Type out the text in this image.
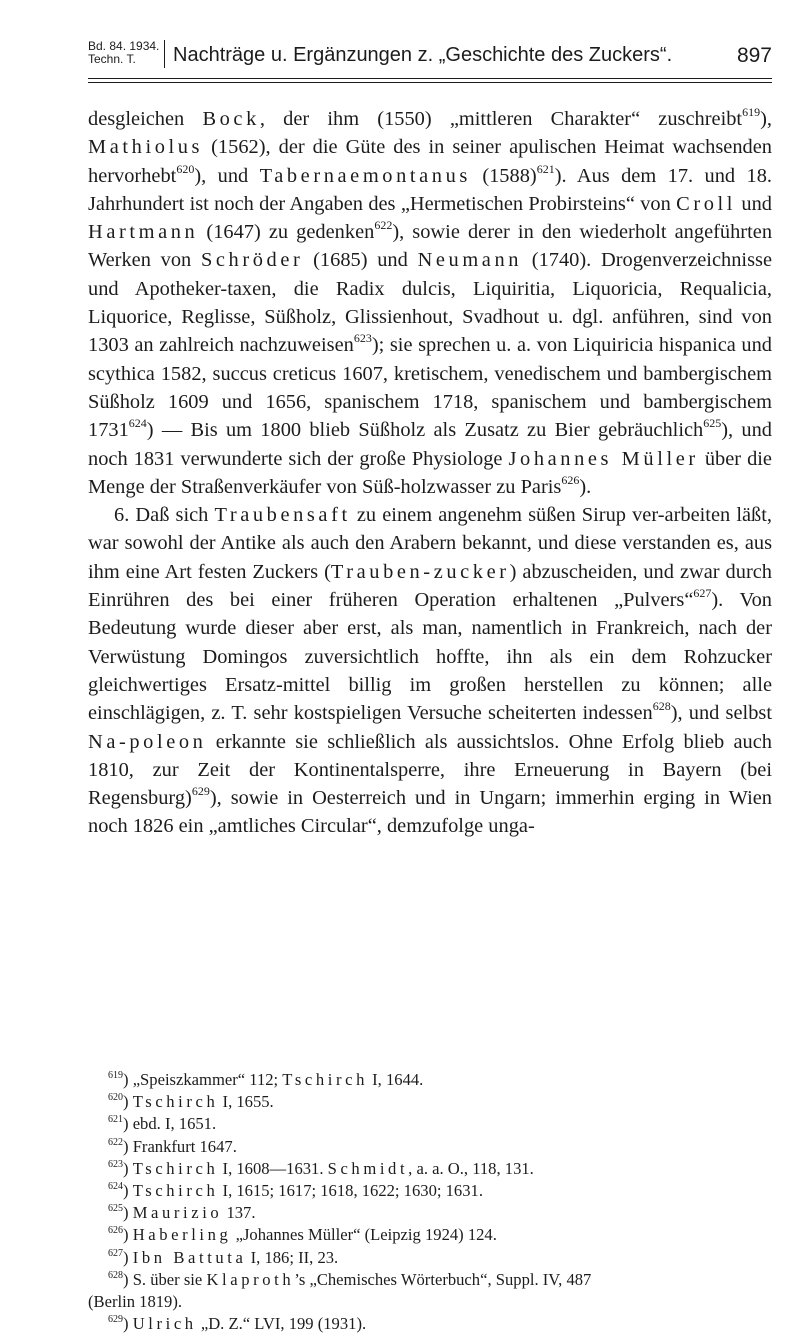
Bd. 84. 1934.
Techn. T.	Nachträge u. Ergänzungen z. „Geschichte des Zuckers“.	897

desgleichen Bock, der ihm (1550) „mittleren Charakter“ zuschreibt$^{619}$), Mathiolus (1562), der die Güte des in seiner apulischen Heimat wachsenden hervorhebt$^{620}$), und Tabernaemontanus $(1588)^{621}$). Aus dem 17. und 18. Jahrhundert ist noch der Angaben des „Hermetischen Probirsteins“ von Croll und Hartmann (1647) zu gedenken$^{622}$), sowie derer in den wiederholt angeführten Werken von Schröder (1685) und Neumann (1740). Drogenverzeichnisse und Apotheker-taxen, die Radix dulcis, Liquiritia, Liquoricia, Requalicia, Liquorice, Reglisse, Süßholz, Glissienhout, Svadhout u. dgl. anführen, sind von 1303 an zahlreich nachzuweisen$^{623}$); sie sprechen u. a. von Liquiricia hispanica und scythica 1582, succus creticus 1607, kretischem, venedischem und bambergischem Süßholz 1609 und 1656, spanischem 1718, spanischem und bambergischem 1731$^{624}$) — Bis um 1800 blieb Süßholz als Zusatz zu Bier gebräuchlich$^{625}$), und noch 1831 verwunderte sich der große Physiologe Johannes Müller über die Menge der Straßenverkäufer von Süß-holzwasser zu Paris$^{626}$).

6. Daß sich Traubensaft zu einem angenehm süßen Sirup ver-arbeiten läßt, war sowohl der Antike als auch den Arabern bekannt, und diese verstanden es, aus ihm eine Art festen Zuckers (Trauben-zucker) abzuscheiden, und zwar durch Einrühren des bei einer früheren Operation erhaltenen „Pulvers“$^{627}$). Von Bedeutung wurde dieser aber erst, als man, namentlich in Frankreich, nach der Verwüstung Domingos zuversichtlich hoffte, ihn als ein dem Rohzucker gleichwertiges Ersatz-mittel billig im großen herstellen zu können; alle einschlägigen, z. T. sehr kostspieligen Versuche scheiterten indessen$^{628}$), und selbst Na-poleon erkannte sie schließlich als aussichtslos. Ohne Erfolg blieb auch 1810, zur Zeit der Kontinentalsperre, ihre Erneuerung in Bayern (bei Regensburg)$^{629}$), sowie in Oesterreich und in Ungarn; immerhin erging in Wien noch 1826 ein „amtliches Circular“, demzufolge unga-

$^{619}$) „Speiszkammer“ 112; Tschirch I, 1644.

$^{620}$) Tschirch I, 1655.

$^{621}$) ebd. I, 1651.

$^{622}$) Frankfurt 1647.

$^{623}$) Tschirch I, 1608—1631. Schmidt, a. a. O., 118, 131.

$^{624}$) Tschirch I, 1615; 1617; 1618, 1622; 1630; 1631.

$^{625}$) Maurizio 137.

$^{626}$) Haberling „Johannes Müller“ (Leipzig 1924) 124.

$^{627}$) Ibn Battuta I, 186; II, 23.

$^{628}$) S. über sie Klaproth’s „Chemisches Wörterbuch“, Suppl. IV, 487

(Berlin 1819).

$^{629}$) Ulrich „D. Z.“ LVI, 199 (1931).
